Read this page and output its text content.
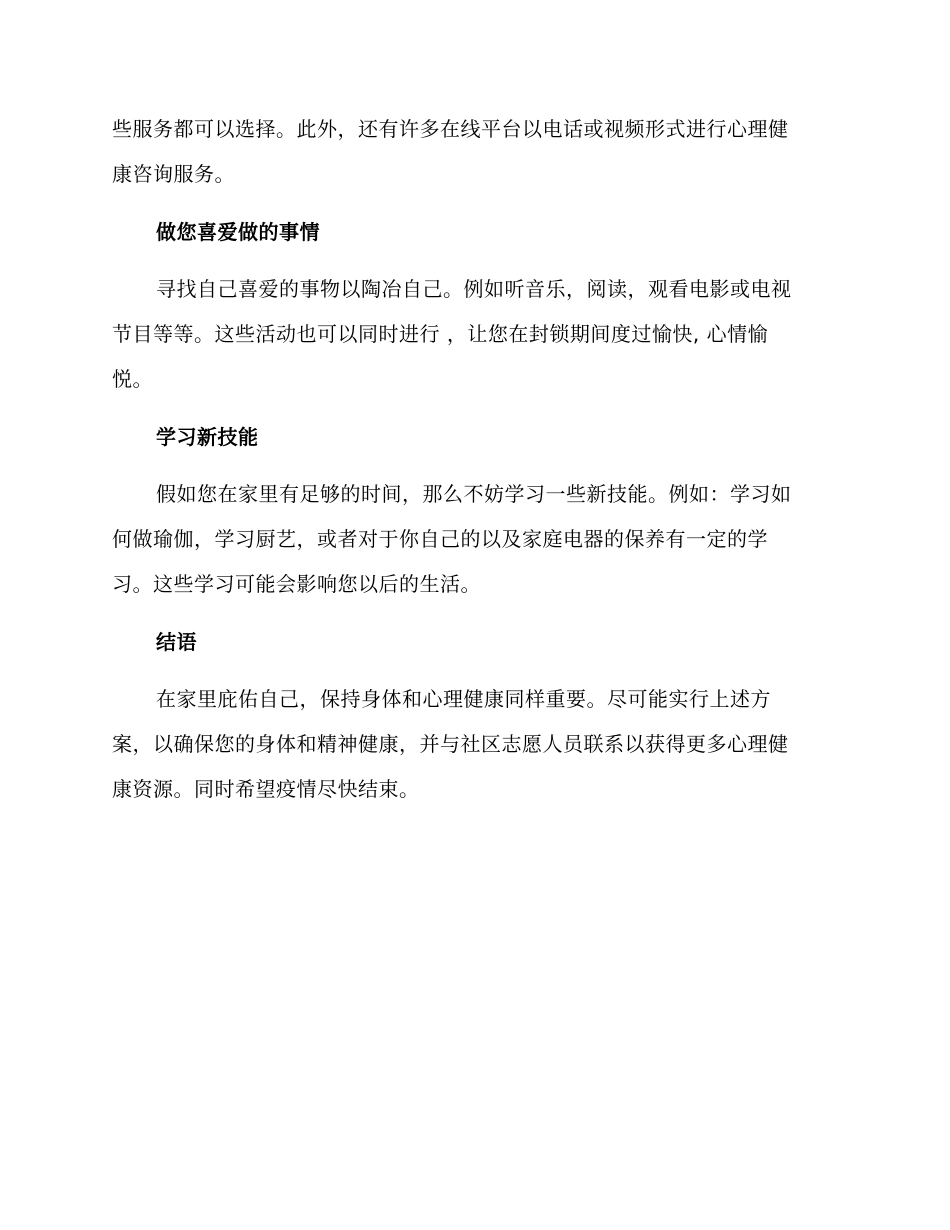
些服务都可以选择。此外，还有许多在线平台以电话或视频形式进行心理健
康咨询服务。
做您喜爱做的事情
寻找自己喜爱的事物以陶冶自己。例如听音乐，阅读，观看电影或电视
节目等等。这些活动也可以同时进行 ，让您在封锁期间度过愉快, 心情愉
悦。
学习新技能
假如您在家里有足够的时间，那么不妨学习一些新技能。例如：学习如
何做瑜伽，学习厨艺，或者对于你自己的以及家庭电器的保养有一定的学
习。这些学习可能会影响您以后的生活。
结语
在家里庇佑自己，保持身体和心理健康同样重要。尽可能实行上述方
案，以确保您的身体和精神健康，并与社区志愿人员联系以获得更多心理健
康资源。同时希望疫情尽快结束。
